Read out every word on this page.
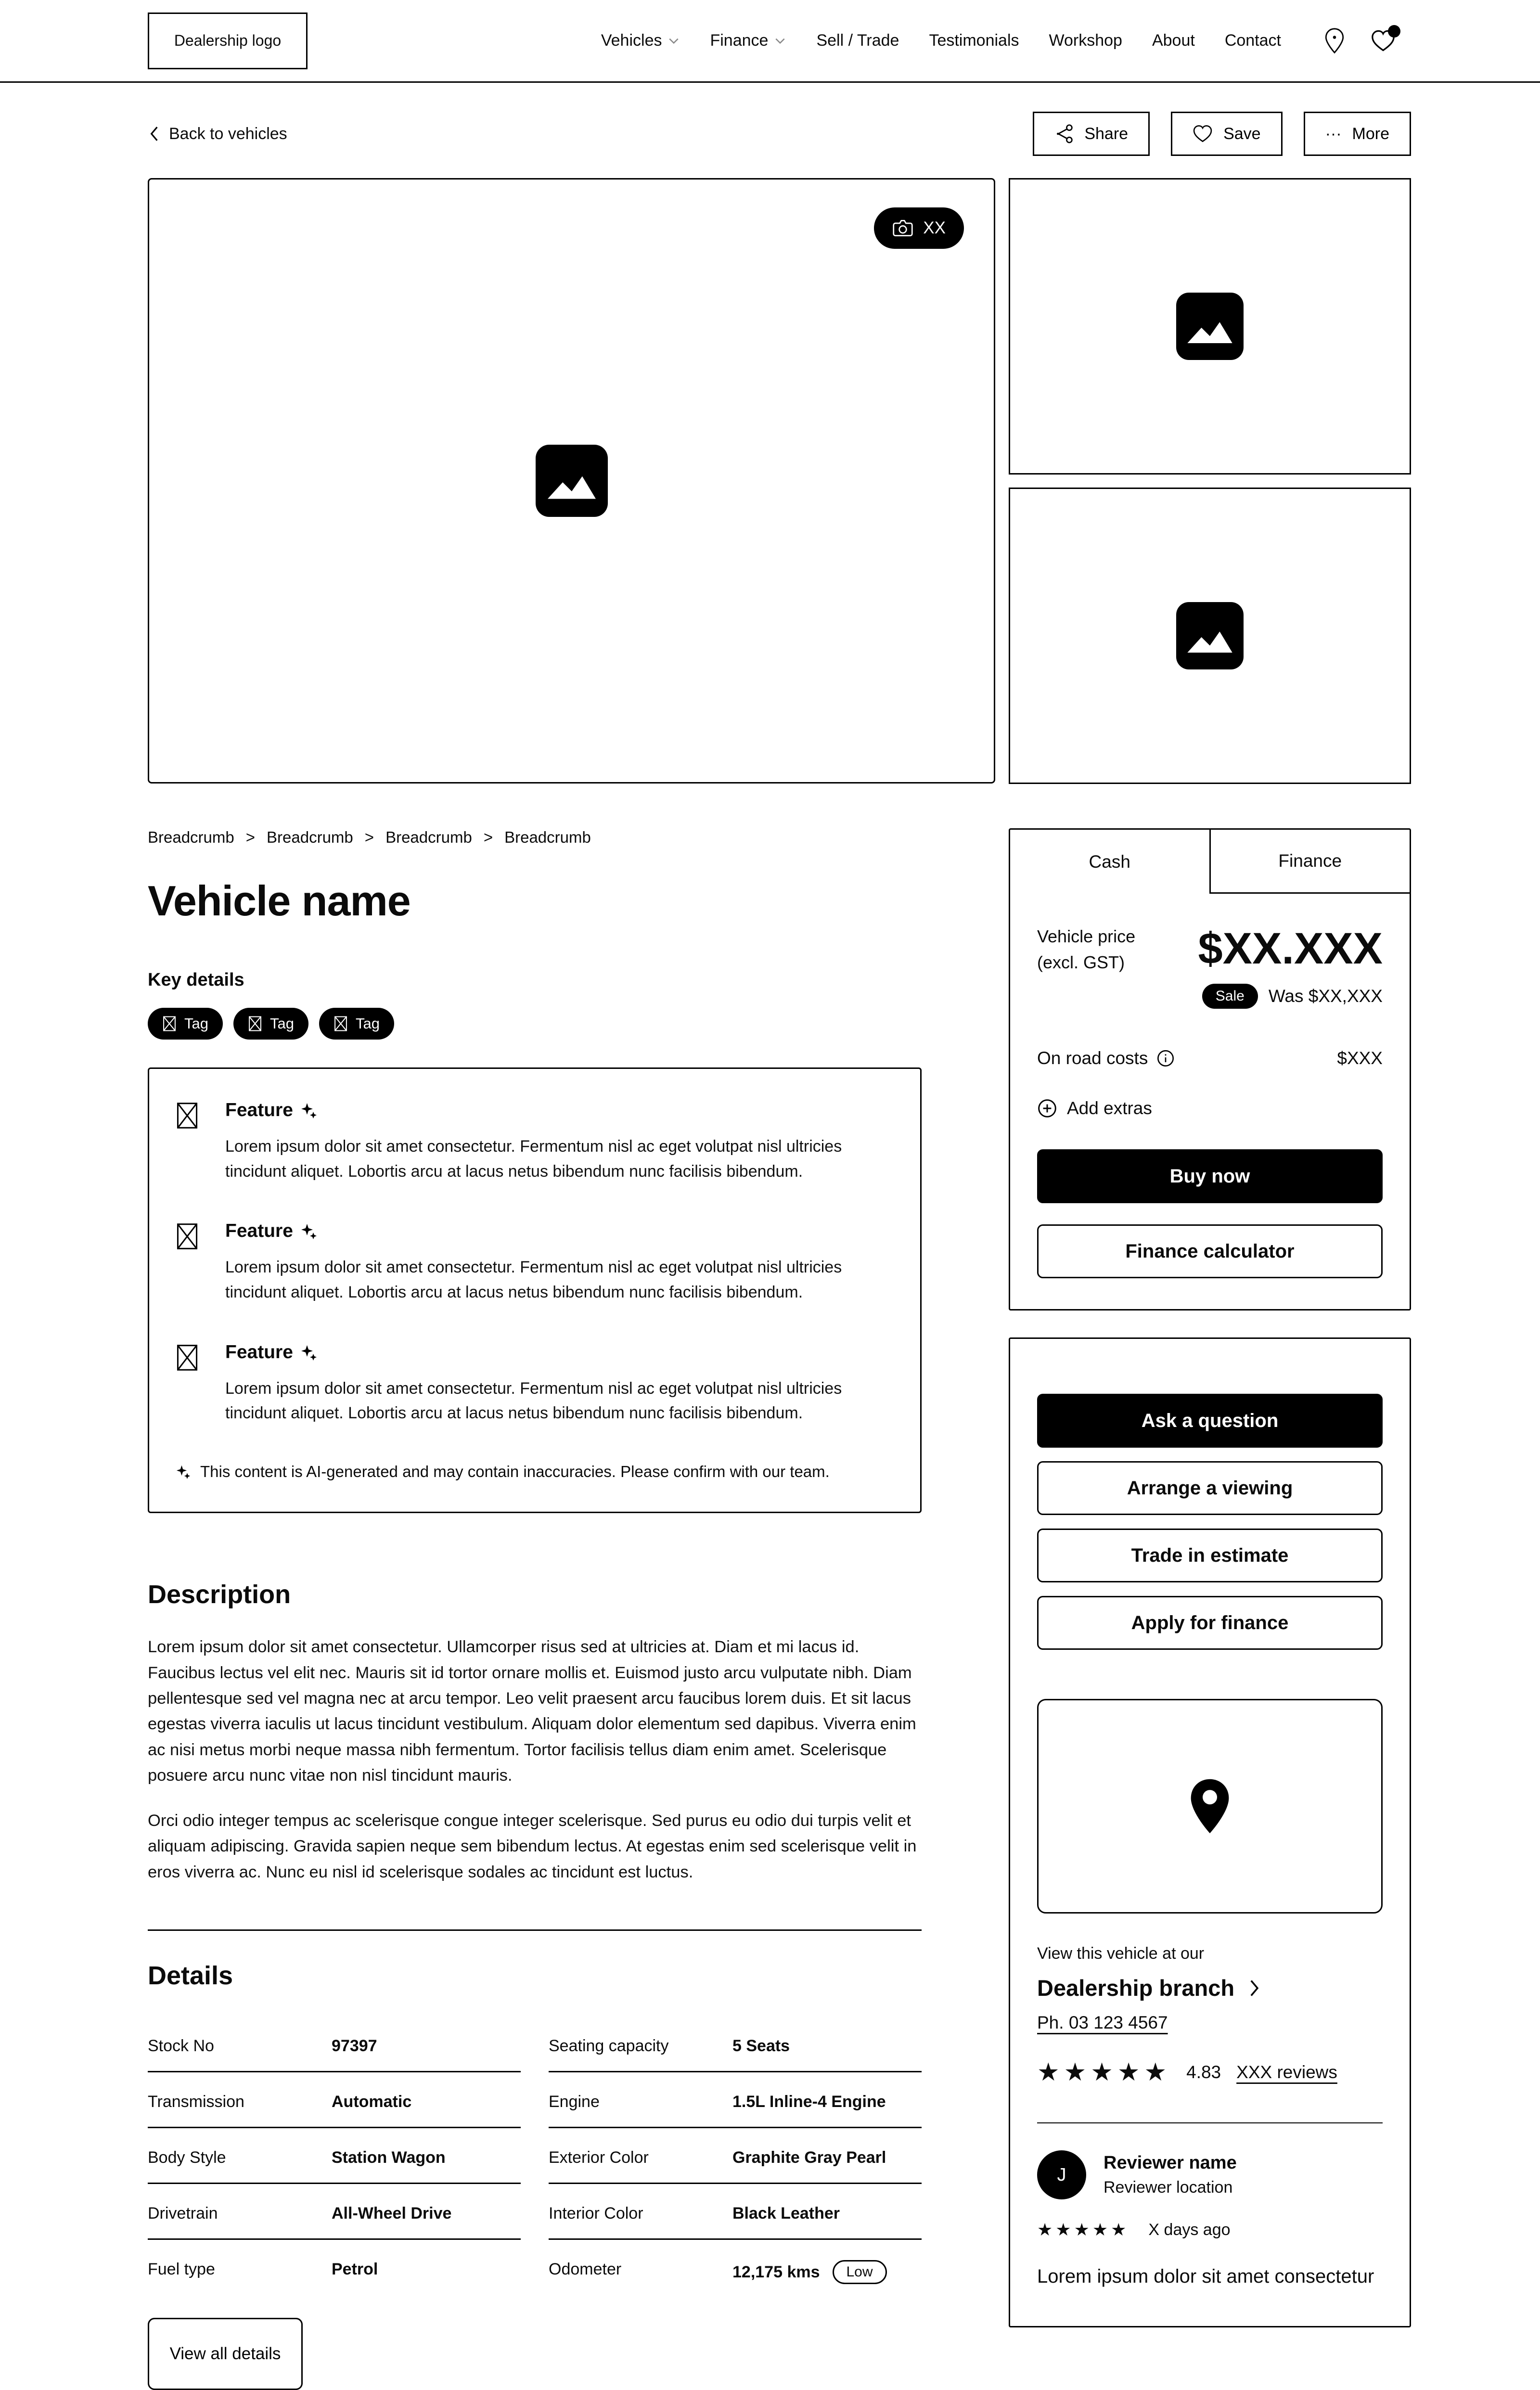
Dealership logo	Vehicles	Finance	Sell / Trade Testimonials Workshop About Contact
Back to vehicles	Share	Save	··· More
XX
Breadcrumb > Breadcrumb > Breadcrumb > Breadcrumb
Vehicle name
Key details
Tag	Tag	Tag
Feature
Lorem ipsum dolor sit amet consectetur. Fermentum nisl ac eget volutpat nisl ultricies tincidunt aliquet. Lobortis arcu at lacus netus bibendum nunc facilisis bibendum.
Feature
Lorem ipsum dolor sit amet consectetur. Fermentum nisl ac eget volutpat nisl ultricies tincidunt aliquet. Lobortis arcu at lacus netus bibendum nunc facilisis bibendum.
Feature
Lorem ipsum dolor sit amet consectetur. Fermentum nisl ac eget volutpat nisl ultricies tincidunt aliquet. Lobortis arcu at lacus netus bibendum nunc facilisis bibendum.
This content is AI-generated and may contain inaccuracies. Please confirm with our team.
Description

Lorem ipsum dolor sit amet consectetur. Ullamcorper risus sed at ultricies at. Diam et mi lacus id. Faucibus lectus vel elit nec. Mauris sit id tortor ornare mollis et. Euismod justo arcu vulputate nibh. Diam pellentesque sed vel magna nec at arcu tempor. Leo velit praesent arcu faucibus lorem duis. Et sit lacus egestas viverra iaculis ut lacus tincidunt vestibulum. Aliquam dolor elementum sed dapibus. Viverra enim ac nisi metus morbi neque massa nibh fermentum. Tortor facilisis tellus diam enim amet. Scelerisque posuere arcu nunc vitae non nisl tincidunt mauris.

Orci odio integer tempus ac scelerisque congue integer scelerisque. Sed purus eu odio dui turpis velit et aliquam adipiscing. Gravida sapien neque sem bibendum lectus. At egestas enim sed scelerisque velit in eros viverra ac. Nunc eu nisl id scelerisque sodales ac tincidunt est luctus.

Details
Stock No	97397
Transmission	Automatic
Body Style	Station Wagon
Drivetrain	All-Wheel Drive
Fuel type	Petrol
Seating capacity	5 Seats
Engine	1.5L Inline-4 Engine
Exterior Color	Graphite Gray Pearl
Interior Color	Black Leather
Odometer	12,175 kms	Low
View all details
Cash	Finance
Vehicle price
(excl. GST) $XX.XXX
Sale	Was $XX,XXX
On road costs	$XXX
Add extras
Buy now
Finance calculator
Ask a question
Arrange a viewing
Trade in estimate
Apply for finance
View this vehicle at our
Dealership branch
Ph. 03 123 4567
★★★★★ 4.83 XXX reviews
J
Reviewer name
Reviewer location
★★★★★ X days ago
Lorem ipsum dolor sit amet consectetur
